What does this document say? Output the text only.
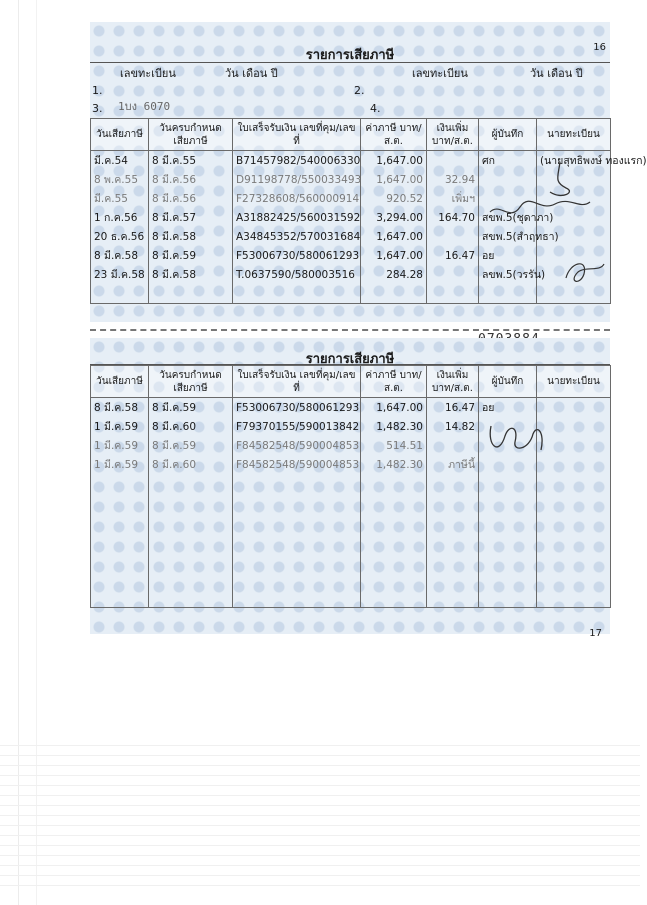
16
รายการเสียภาษี
เลขทะเบียน	วัน เดือน ปี	เลขทะเบียน	วัน เดือน ปี
1.	2.
3. 1บง 6070	4.
วันเสียภาษี	วันครบกำหนด เสียภาษี	ใบเสร็จรับเงิน เลขที่คุม/เลขที่	ค่าภาษี บาท/ส.ต.	เงินเพิ่ม บาท/ส.ต.	ผู้บันทึก	นายทะเบียน
มี.ค.54	8 มี.ค.55	B71457982/540006330	1,647.00		ศก	(นายสุทธิพงษ์ ทองแรก)
8 พ.ค.55	8 มี.ค.56	D91198778/550033493	1,647.00	32.94		
มี.ค.55	8 มี.ค.56	F27328608/560000914	920.52	เพิ่มฯ		
1 ก.ค.56	8 มี.ค.57	A31882425/560031592	3,294.00	164.70	สขพ.5(ชุดาภา)	
20 ธ.ค.56	8 มี.ค.58	A34845352/570031684	1,647.00		สขพ.5(สำฤทธา)	
8 มี.ค.58	8 มี.ค.59	F53006730/580061293	1,647.00	16.47	อย	
23 มี.ค.58	8 มี.ค.58	T.0637590/580003516	284.28		ลขพ.5(วรรัน)	

รายการเสียภาษี
วันเสียภาษี	วันครบกำหนด เสียภาษี	ใบเสร็จรับเงิน เลขที่คุม/เลขที่	ค่าภาษี บาท/ส.ต.	เงินเพิ่ม บาท/ส.ต.	ผู้บันทึก	นายทะเบียน
8 มี.ค.58	8 มี.ค.59	F53006730/580061293	1,647.00	16.47	อย	
1 มี.ค.59	8 มี.ค.60	F79370155/590013842	1,482.30	14.82		
1 มี.ค.59	8 มี.ค.59	F84582548/590004853	514.51			
1 มี.ค.59	8 มี.ค.60	F84582548/590004853	1,482.30	ภาษีนี้		

17
